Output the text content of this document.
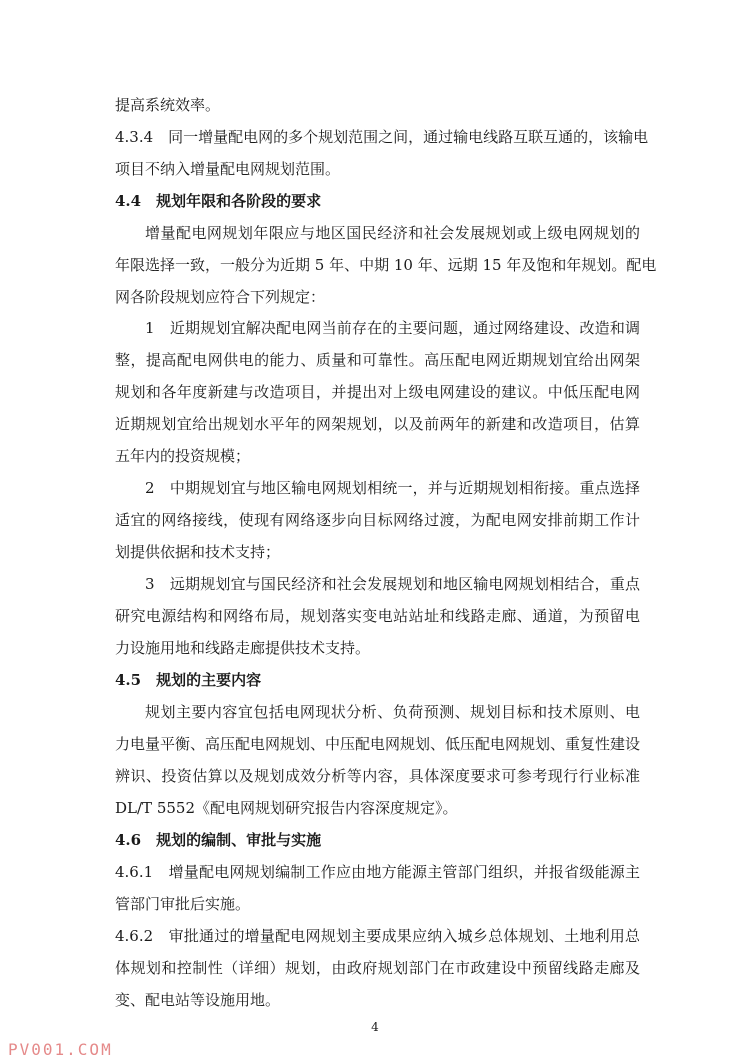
提高系统效率。
4.3.4　同一增量配电网的多个规划范围之间，通过输电线路互联互通的，该输电
项目不纳入增量配电网规划范围。
4.4　规划年限和各阶段的要求
增量配电网规划年限应与地区国民经济和社会发展规划或上级电网规划的
年限选择一致，一般分为近期 5 年、中期 10 年、远期 15 年及饱和年规划。配电
网各阶段规划应符合下列规定：
1　近期规划宜解决配电网当前存在的主要问题，通过网络建设、改造和调
整，提高配电网供电的能力、质量和可靠性。高压配电网近期规划宜给出网架
规划和各年度新建与改造项目，并提出对上级电网建设的建议。中低压配电网
近期规划宜给出规划水平年的网架规划，以及前两年的新建和改造项目，估算
五年内的投资规模；
2　中期规划宜与地区输电网规划相统一，并与近期规划相衔接。重点选择
适宜的网络接线，使现有网络逐步向目标网络过渡，为配电网安排前期工作计
划提供依据和技术支持；
3　远期规划宜与国民经济和社会发展规划和地区输电网规划相结合，重点
研究电源结构和网络布局，规划落实变电站站址和线路走廊、通道，为预留电
力设施用地和线路走廊提供技术支持。
4.5　规划的主要内容
规划主要内容宜包括电网现状分析、负荷预测、规划目标和技术原则、电
力电量平衡、高压配电网规划、中压配电网规划、低压配电网规划、重复性建设
辨识、投资估算以及规划成效分析等内容，具体深度要求可参考现行行业标准
DL/T 5552《配电网规划研究报告内容深度规定》。
4.6　规划的编制、审批与实施
4.6.1　增量配电网规划编制工作应由地方能源主管部门组织，并报省级能源主
管部门审批后实施。
4.6.2　审批通过的增量配电网规划主要成果应纳入城乡总体规划、土地利用总
体规划和控制性（详细）规划，由政府规划部门在市政建设中预留线路走廊及
变、配电站等设施用地。
4
PV001.COM
